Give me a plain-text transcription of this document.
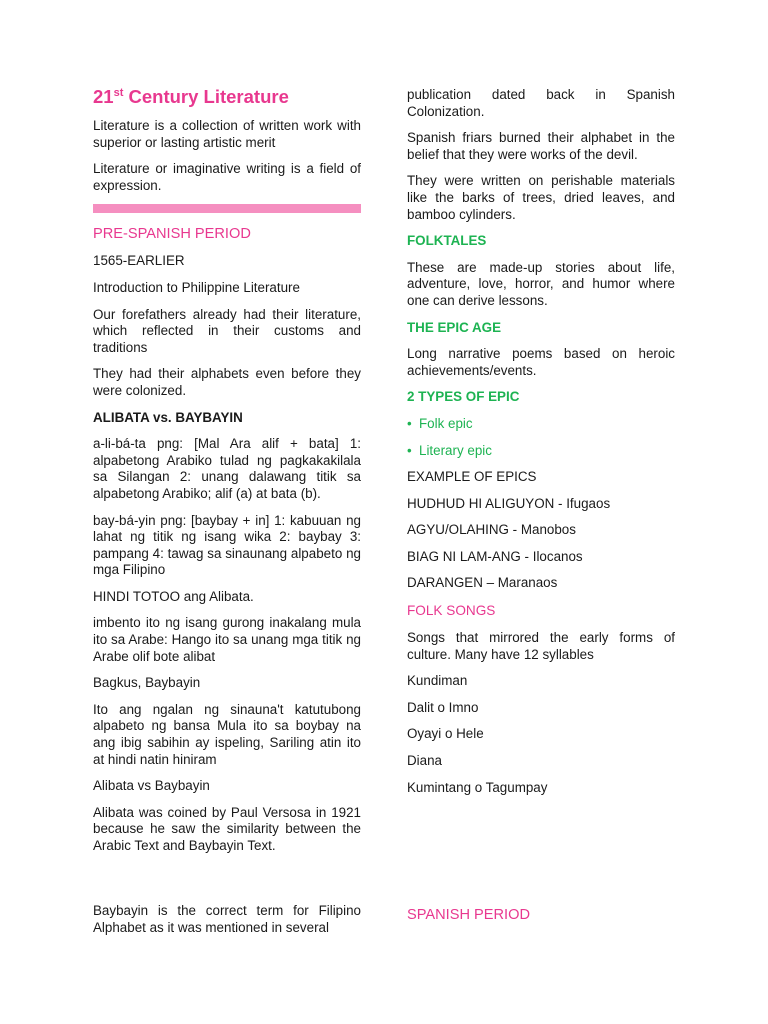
21st Century Literature

Literature is a collection of written work with superior or lasting artistic merit

Literature or imaginative writing is a field of expression.

PRE-SPANISH PERIOD

1565-EARLIER

Introduction to Philippine Literature

Our forefathers already had their literature, which reflected in their customs and traditions

They had their alphabets even before they were colonized.

ALIBATA vs. BAYBAYIN

a-li-bá-ta png: [Mal Ara alif + bata] 1: alpabetong Arabiko tulad ng pagkakakilala sa Silangan 2: unang dalawang titik sa alpabetong Arabiko; alif (a) at bata (b).

bay-bá-yin png: [baybay + in] 1: kabuuan ng lahat ng titik ng isang wika 2: baybay 3: pampang 4: tawag sa sinaunang alpabeto ng mga Filipino

HINDI TOTOO ang Alibata.

imbento ito ng isang gurong inakalang mula ito sa Arabe: Hango ito sa unang mga titik ng Arabe olif bote alibat

Bagkus, Baybayin

Ito ang ngalan ng sinauna't katutubong alpabeto ng bansa Mula ito sa boybay na ang ibig sabihin ay ispeling, Sariling atin ito at hindi natin hiniram

Alibata vs Baybayin

Alibata was coined by Paul Versosa in 1921 because he saw the similarity between the Arabic Text and Baybayin Text.

Baybayin is the correct term for Filipino Alphabet as it was mentioned in several

publication dated back in Spanish Colonization.

Spanish friars burned their alphabet in the belief that they were works of the devil.

They were written on perishable materials like the barks of trees, dried leaves, and bamboo cylinders.

FOLKTALES

These are made-up stories about life, adventure, love, horror, and humor where one can derive lessons.

THE EPIC AGE

Long narrative poems based on heroic achievements/events.

2 TYPES OF EPIC
• Folk epic
• Literary epic

EXAMPLE OF EPICS

HUDHUD HI ALIGUYON - Ifugaos

AGYU/OLAHING - Manobos

BIAG NI LAM-ANG - Ilocanos

DARANGEN – Maranaos

FOLK SONGS

Songs that mirrored the early forms of culture. Many have 12 syllables

Kundiman

Dalit o Imno

Oyayi o Hele

Diana

Kumintang o Tagumpay

SPANISH PERIOD
